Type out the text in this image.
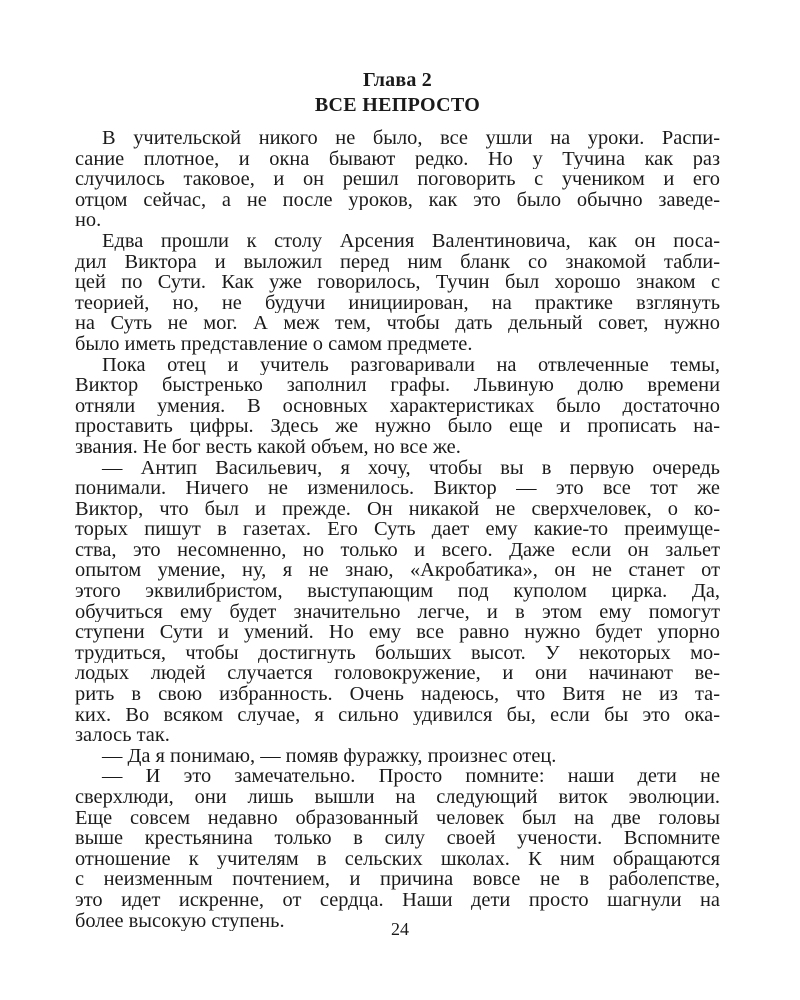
Глава 2
ВСЕ НЕПРОСТО
В учительской никого не было, все ушли на уроки. Распи-
сание плотное, и окна бывают редко. Но у Тучина как раз
случилось таковое, и он решил поговорить с учеником и его
отцом сейчас, а не после уроков, как это было обычно заведе-
но.
Едва прошли к столу Арсения Валентиновича, как он поса-
дил Виктора и выложил перед ним бланк со знакомой табли-
цей по Сути. Как уже говорилось, Тучин был хорошо знаком с
теорией, но, не будучи инициирован, на практике взглянуть
на Суть не мог. А меж тем, чтобы дать дельный совет, нужно
было иметь представление о самом предмете.
Пока отец и учитель разговаривали на отвлеченные темы,
Виктор быстренько заполнил графы. Львиную долю времени
отняли умения. В основных характеристиках было достаточно
проставить цифры. Здесь же нужно было еще и прописать на-
звания. Не бог весть какой объем, но все же.
— Антип Васильевич, я хочу, чтобы вы в первую очередь
понимали. Ничего не изменилось. Виктор — это все тот же
Виктор, что был и прежде. Он никакой не сверхчеловек, о ко-
торых пишут в газетах. Его Суть дает ему какие-то преимуще-
ства, это несомненно, но только и всего. Даже если он зальет
опытом умение, ну, я не знаю, «Акробатика», он не станет от
этого эквилибристом, выступающим под куполом цирка. Да,
обучиться ему будет значительно легче, и в этом ему помогут
ступени Сути и умений. Но ему все равно нужно будет упорно
трудиться, чтобы достигнуть больших высот. У некоторых мо-
лодых людей случается головокружение, и они начинают ве-
рить в свою избранность. Очень надеюсь, что Витя не из та-
ких. Во всяком случае, я сильно удивился бы, если бы это ока-
залось так.
— Да я понимаю, — помяв фуражку, произнес отец.
— И это замечательно. Просто помните: наши дети не
сверхлюди, они лишь вышли на следующий виток эволюции.
Еще совсем недавно образованный человек был на две головы
выше крестьянина только в силу своей учености. Вспомните
отношение к учителям в сельских школах. К ним обращаются
с неизменным почтением, и причина вовсе не в раболепстве,
это идет искренне, от сердца. Наши дети просто шагнули на
более высокую ступень.	24
